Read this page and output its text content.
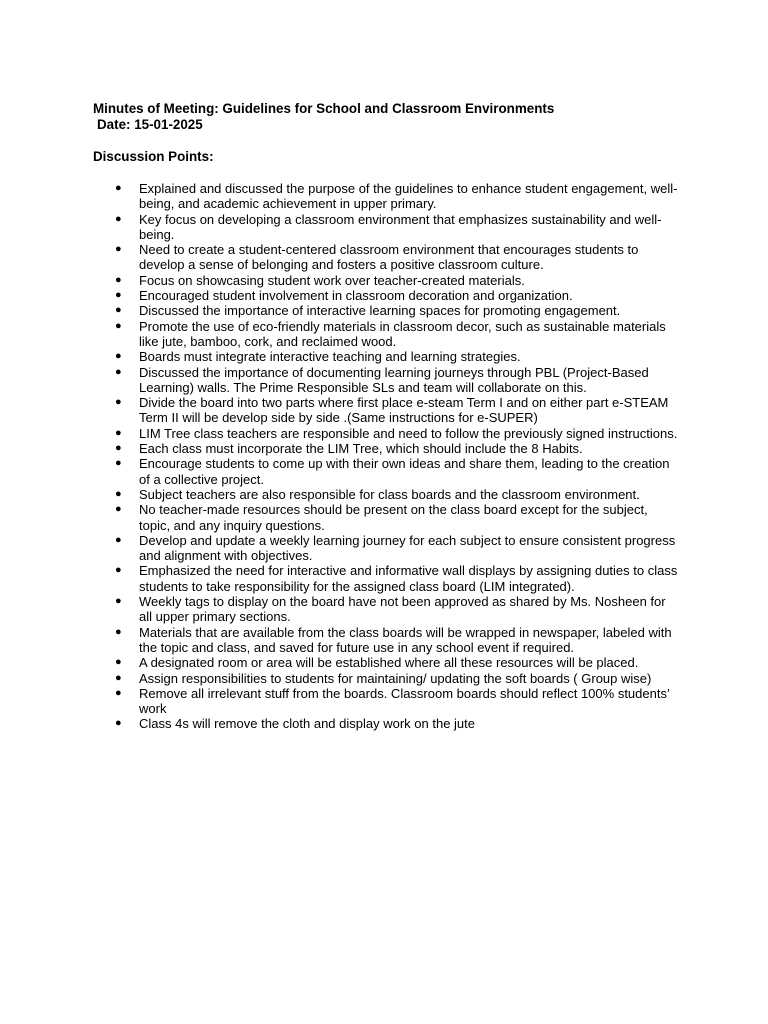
Minutes of Meeting: Guidelines for School and Classroom Environments

Date: 15-01-2025

Discussion Points:

● Explained and discussed the purpose of the guidelines to enhance student engagement, well-being, and academic achievement in upper primary.
● Key focus on developing a classroom environment that emphasizes sustainability and well-being.
● Need to create a student-centered classroom environment that encourages students to develop a sense of belonging and fosters a positive classroom culture.
● Focus on showcasing student work over teacher-created materials.
● Encouraged student involvement in classroom decoration and organization.
● Discussed the importance of interactive learning spaces for promoting engagement.
● Promote the use of eco-friendly materials in classroom decor, such as sustainable materials like jute, bamboo, cork, and reclaimed wood.
● Boards must integrate interactive teaching and learning strategies.
● Discussed the importance of documenting learning journeys through PBL (Project-Based Learning) walls. The Prime Responsible SLs and team will collaborate on this.
● Divide the board into two parts where first place e-steam Term I and on either part e-STEAM Term II will be develop side by side .(Same instructions for e-SUPER)
● LIM Tree class teachers are responsible and need to follow the previously signed instructions.
● Each class must incorporate the LIM Tree, which should include the 8 Habits.
● Encourage students to come up with their own ideas and share them, leading to the creation of a collective project.
● Subject teachers are also responsible for class boards and the classroom environment.
● No teacher-made resources should be present on the class board except for the subject, topic, and any inquiry questions.
● Develop and update a weekly learning journey for each subject to ensure consistent progress and alignment with objectives.
● Emphasized the need for interactive and informative wall displays by assigning duties to class students to take responsibility for the assigned class board (LIM integrated).
● Weekly tags to display on the board have not been approved as shared by Ms. Nosheen for all upper primary sections.
● Materials that are available from the class boards will be wrapped in newspaper, labeled with the topic and class, and saved for future use in any school event if required.
● A designated room or area will be established where all these resources will be placed.
● Assign responsibilities to students for maintaining/ updating the soft boards ( Group wise)
● Remove all irrelevant stuff from the boards. Classroom boards should reflect 100% students’ work
● Class 4s will remove the cloth and display work on the jute
